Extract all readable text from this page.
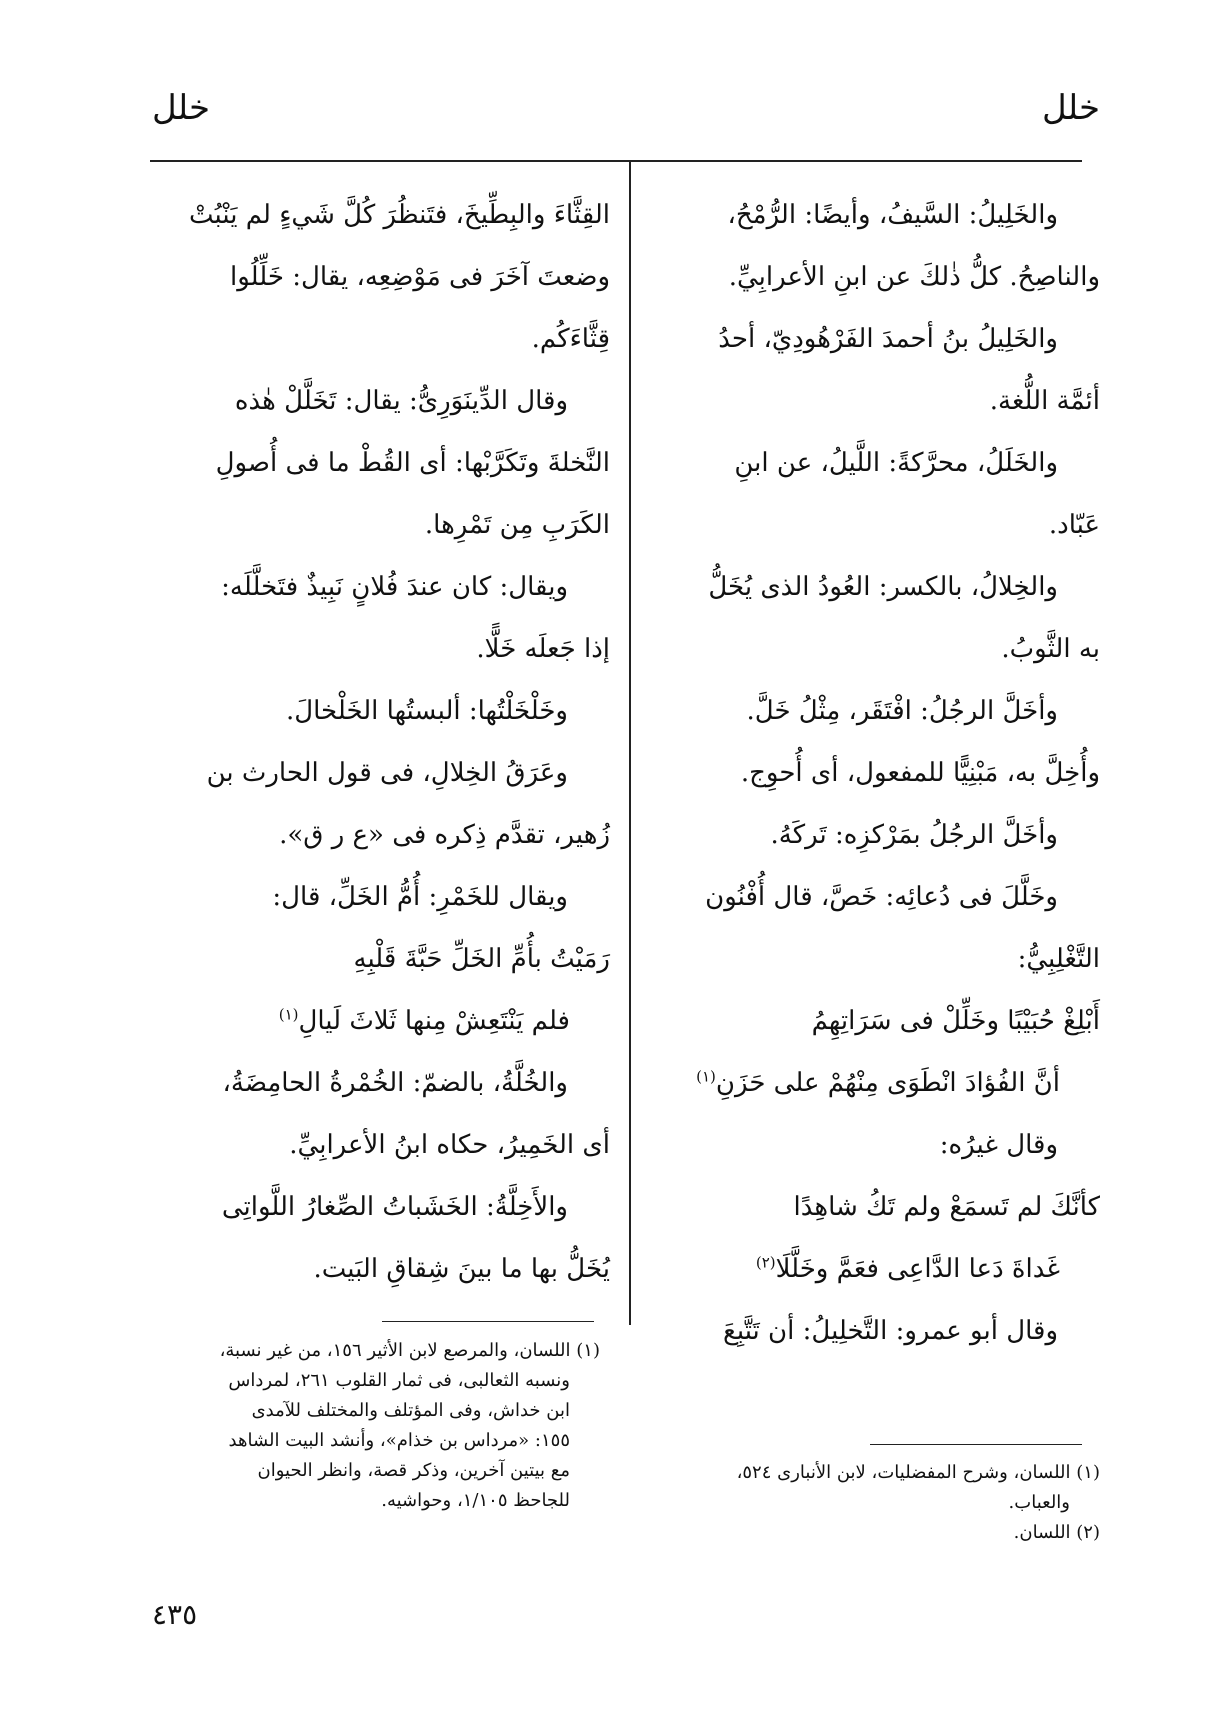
خلل
خلل

والخَلِيلُ: السَّيفُ، وأيضًا: الرُّمْحُ،

والناصِحُ. كلُّ ذٰلكَ عن ابنِ الأعرابِيِّ.

والخَلِيلُ بنُ أحمدَ الفَرْهُودِيّ، أحدُ

أئمَّة اللُّغة.

والخَلَلُ، محرَّكةً: اللَّيلُ، عن ابنِ

عَبّاد.

والخِلالُ، بالكسر: العُودُ الذى يُخَلُّ

به الثَّوبُ.

وأخَلَّ الرجُلُ: افْتَقَر، مِثْلُ خَلَّ.

وأُخِلَّ به، مَبْنِيًّا للمفعول، أى أُحوِج.

وأخَلَّ الرجُلُ بمَرْكزِه: تَركَهُ.

وخَلَّلَ فى دُعائِه: خَصَّ، قال أُفْنُون

التَّغْلِبِيُّ:

أَبْلِغْ حُبَيْبًا وخَلِّلْ فى سَرَاتِهِمُ

أنَّ الفُؤادَ انْطَوَى مِنْهُمْ على حَزَنِ$^{(١)}$

وقال غيرُه:

كأنَّكَ لم تَسمَعْ ولم تَكُ شاهِدًا

غَداةَ دَعا الدَّاعِى فعَمَّ وخَلَّلَا$^{(٢)}$

وقال أبو عمرو: التَّخلِيلُ: أن تَتَّبِعَ

القِثَّاءَ والبِطِّيخَ، فتَنظُرَ كُلَّ شَيءٍ لم يَنْبُتْ

وضعتَ آخَرَ فى مَوْضِعِه، يقال: خَلِّلُوا

قِثَّاءَكُم.

وقال الدِّينَوَرِىُّ: يقال: تَخَلَّلْ هٰذه

النَّخلةَ وتَكَرَّبْها: أى القُطْ ما فى أُصولِ

الكَرَبِ مِن تَمْرِها.

ويقال: كان عندَ فُلانٍ نَبِيذٌ فتَخلَّلَه:

إذا جَعلَه خَلًّا.

وخَلْخَلْتُها: ألبستُها الخَلْخالَ.

وعَرَقُ الخِلالِ، فى قول الحارث بن

زُهير، تقدَّم ذِكره فى «ع ر ق».

ويقال للخَمْرِ: أُمُّ الخَلِّ، قال:

رَمَيْتُ بأُمِّ الخَلِّ حَبَّةَ قَلْبِهِ

فلم يَنْتَعِشْ مِنها ثَلاثَ لَيالِ$^{(١)}$

والخُلَّةُ، بالضمّ: الخُمْرةُ الحامِضَةُ،

أى الخَمِيرُ، حكاه ابنُ الأعرابِيِّ.

والأَخِلَّةُ: الخَشَباتُ الصِّغارُ اللَّواتِى

يُخَلُّ بها ما بينَ شِقاقِ البَيت.

(١) اللسان، والمرصع لابن الأثير ١٥٦، من غير نسبة،

ونسبه الثعالبى، فى ثمار القلوب ٢٦١، لمرداس

ابن خداش، وفى المؤتلف والمختلف للآمدى

١٥٥: «مرداس بن خذام»، وأنشد البيت الشاهد

مع بيتين آخرين، وذكر قصة، وانظر الحيوان

للجاحظ ١/١٠٥، وحواشيه.

(١) اللسان، وشرح المفضليات، لابن الأنبارى ٥٢٤،

والعباب.

(٢) اللسان.

٤٣٥
